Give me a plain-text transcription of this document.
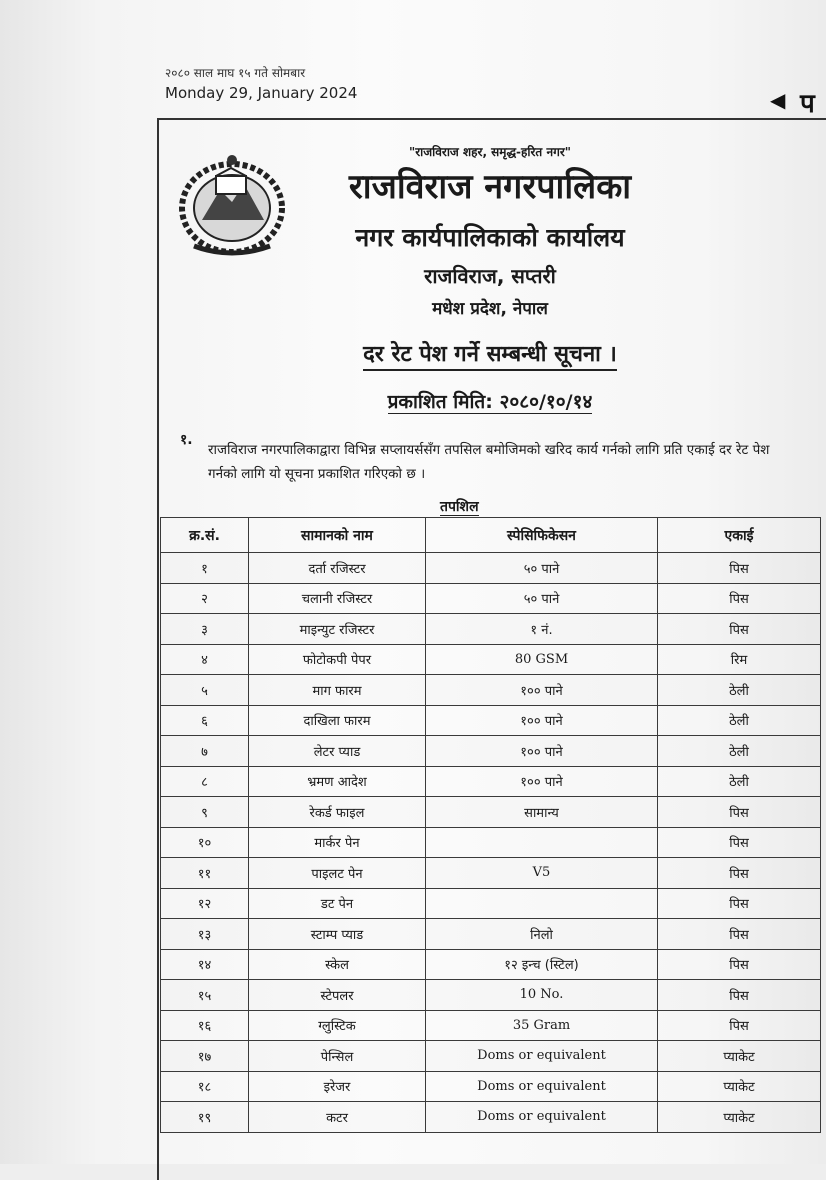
२०८० साल माघ १५ गते सोमबार
Monday 29, January 2024	◀ प
"राजविराज शहर, समृद्ध-हरित नगर"
राजविराज नगरपालिका
नगर कार्यपालिकाको कार्यालय
राजविराज, सप्तरी
मधेश प्रदेश, नेपाल
दर रेट पेश गर्ने सम्बन्धी सूचना ।
प्रकाशित मिति: २०८०/१०/१४
१.
राजविराज नगरपालिकाद्वारा विभिन्न सप्लायर्ससँग तपसिल बमोजिमको खरिद कार्य गर्नको लागि प्रति एकाई दर रेट पेश गर्नको लागि यो सूचना प्रकाशित गरिएको छ ।
तपशिल
क्र.सं.	सामानको नाम	स्पेसिफिकेसन	एकाई
१	दर्ता रजिस्टर	५० पाने	पिस
२	चलानी रजिस्टर	५० पाने	पिस
३	माइन्युट रजिस्टर	१ नं.	पिस
४	फोटोकपी पेपर	80 GSM	रिम
५	माग फारम	१०० पाने	ठेली
६	दाखिला फारम	१०० पाने	ठेली
७	लेटर प्याड	१०० पाने	ठेली
८	भ्रमण आदेश	१०० पाने	ठेली
९	रेकर्ड फाइल	सामान्य	पिस
१०	मार्कर पेन		पिस
११	पाइलट पेन	V5	पिस
१२	डट पेन		पिस
१३	स्टाम्प प्याड	निलो	पिस
१४	स्केल	१२ इन्च (स्टिल)	पिस
१५	स्टेपलर	10 No.	पिस
१६	ग्लुस्टिक	35 Gram	पिस
१७	पेन्सिल	Doms or equivalent	प्याकेट
१८	इरेजर	Doms or equivalent	प्याकेट
१९	कटर	Doms or equivalent	प्याकेट
